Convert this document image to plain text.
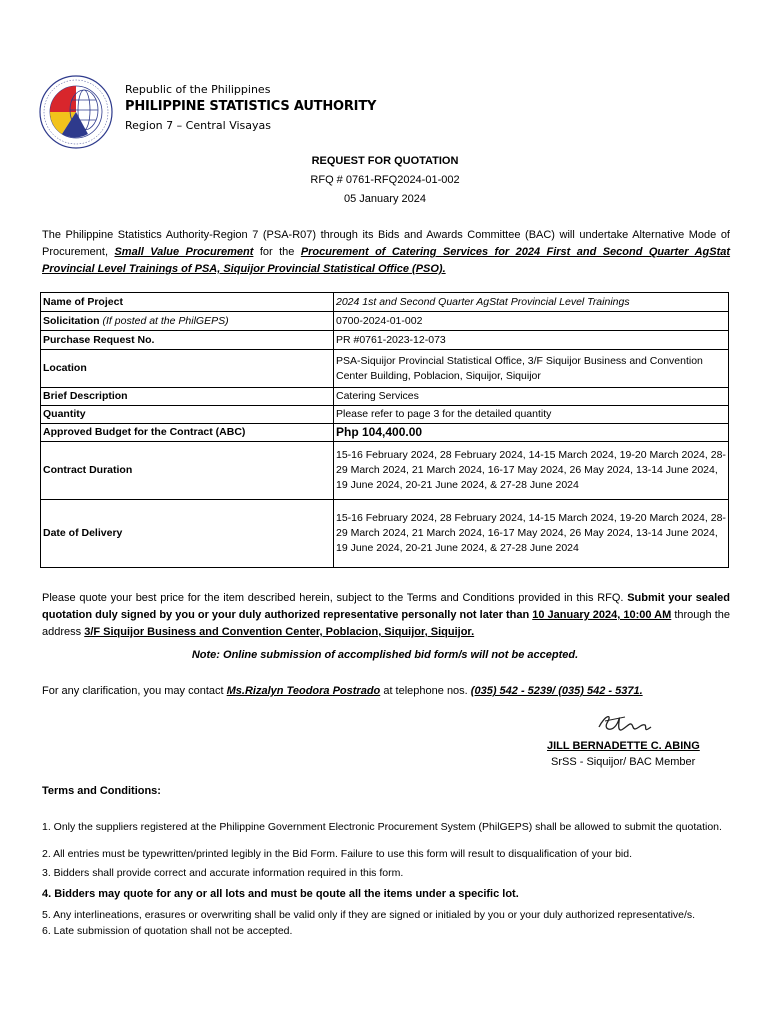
Republic of the Philippines
PHILIPPINE STATISTICS AUTHORITY
Region 7 – Central Visayas
REQUEST FOR QUOTATION
RFQ # 0761-RFQ2024-01-002
05 January 2024
The Philippine Statistics Authority-Region 7 (PSA-R07) through its Bids and Awards Committee (BAC) will undertake Alternative Mode of Procurement, Small Value Procurement for the Procurement of Catering Services for 2024 First and Second Quarter AgStat Provincial Level Trainings of PSA, Siquijor Provincial Statistical Office (PSO).
Name of Project	2024 1st and Second Quarter AgStat Provincial Level Trainings
Solicitation (If posted at the PhilGEPS)	0700-2024-01-002
Purchase Request No.	PR #0761-2023-12-073
Location	PSA-Siquijor Provincial Statistical Office, 3/F Siquijor Business and Convention Center Building, Poblacion, Siquijor, Siquijor
Brief Description	Catering Services
Quantity	Please refer to page 3 for the detailed quantity
Approved Budget for the Contract (ABC)	Php 104,400.00
Contract Duration	15-16 February 2024, 28 February 2024, 14-15 March 2024, 19-20 March 2024, 28-29 March 2024, 21 March 2024, 16-17 May 2024, 26 May 2024, 13-14 June 2024, 19 June 2024, 20-21 June 2024, & 27-28 June 2024
Date of Delivery	15-16 February 2024, 28 February 2024, 14-15 March 2024, 19-20 March 2024, 28-29 March 2024, 21 March 2024, 16-17 May 2024, 26 May 2024, 13-14 June 2024, 19 June 2024, 20-21 June 2024, & 27-28 June 2024
Please quote your best price for the item described herein, subject to the Terms and Conditions provided in this RFQ. Submit your sealed quotation duly signed by you or your duly authorized representative personally not later than 10 January 2024, 10:00 AM through the address 3/F Siquijor Business and Convention Center, Poblacion, Siquijor, Siquijor.
Note: Online submission of accomplished bid form/s will not be accepted.
For any clarification, you may contact Ms.Rizalyn Teodora Postrado at telephone nos. (035) 542 - 5239/ (035) 542 - 5371.
JILL BERNADETTE C. ABING
SrSS - Siquijor/ BAC Member
Terms and Conditions:
1. Only the suppliers registered at the Philippine Government Electronic Procurement System (PhilGEPS) shall be allowed to submit the quotation.
2. All entries must be typewritten/printed legibly in the Bid Form. Failure to use this form will result to disqualification of your bid.
3. Bidders shall provide correct and accurate information required in this form.
4. Bidders may quote for any or all lots and must be qoute all the items under a specific lot.
5. Any interlineations, erasures or overwriting shall be valid only if they are signed or initialed by you or your duly authorized representative/s.
6. Late submission of quotation shall not be accepted.
